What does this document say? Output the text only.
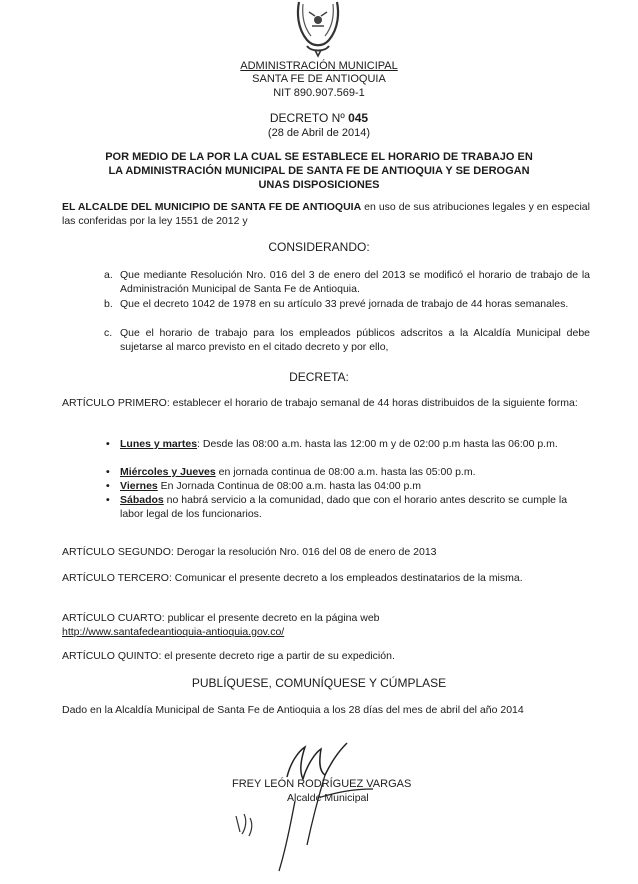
ADMINISTRACIÓN MUNICIPAL
SANTA FE DE ANTIOQUIA
NIT 890.907.569-1
DECRETO Nº 045
(28 de Abril de 2014)
POR MEDIO DE LA POR LA CUAL SE ESTABLECE EL HORARIO DE TRABAJO EN
LA ADMINISTRACIÓN MUNICIPAL DE SANTA FE DE ANTIOQUIA Y SE DEROGAN
UNAS DISPOSICIONES
EL ALCALDE DEL MUNICIPIO DE SANTA FE DE ANTIOQUIA en uso de sus atribuciones legales y en especial las conferidas por la ley 1551 de 2012 y
CONSIDERANDO:
a. Que mediante Resolución Nro. 016 del 3 de enero del 2013 se modificó el horario de trabajo de la Administración Municipal de Santa Fe de Antioquia.
b. Que el decreto 1042 de 1978 en su artículo 33 prevé jornada de trabajo de 44 horas semanales.
c. Que el horario de trabajo para los empleados públicos adscritos a la Alcaldía Municipal debe sujetarse al marco previsto en el citado decreto y por ello,
DECRETA:
ARTÍCULO PRIMERO: establecer el horario de trabajo semanal de 44 horas distribuidos de la siguiente forma:
• Lunes y martes: Desde las 08:00 a.m. hasta las 12:00 m y de 02:00 p.m hasta las 06:00 p.m.
• Miércoles y Jueves en jornada continua de 08:00 a.m. hasta las 05:00 p.m.
• Viernes En Jornada Continua de 08:00 a.m. hasta las 04:00 p.m
• Sábados no habrá servicio a la comunidad, dado que con el horario antes descrito se cumple la labor legal de los funcionarios.
ARTÍCULO SEGUNDO: Derogar la resolución Nro. 016 del 08 de enero de 2013
ARTÍCULO TERCERO: Comunicar el presente decreto a los empleados destinatarios de la misma.
ARTÍCULO CUARTO: publicar el presente decreto en la página web
http://www.santafedeantioquia-antioquia.gov.co/
ARTÍCULO QUINTO: el presente decreto rige a partir de su expedición.
PUBLÍQUESE, COMUNÍQUESE Y CÚMPLASE
Dado en la Alcaldía Municipal de Santa Fe de Antioquia a los 28 días del mes de abril del año 2014
FREY LEÓN RODRÍGUEZ VARGAS
Alcalde Municipal
